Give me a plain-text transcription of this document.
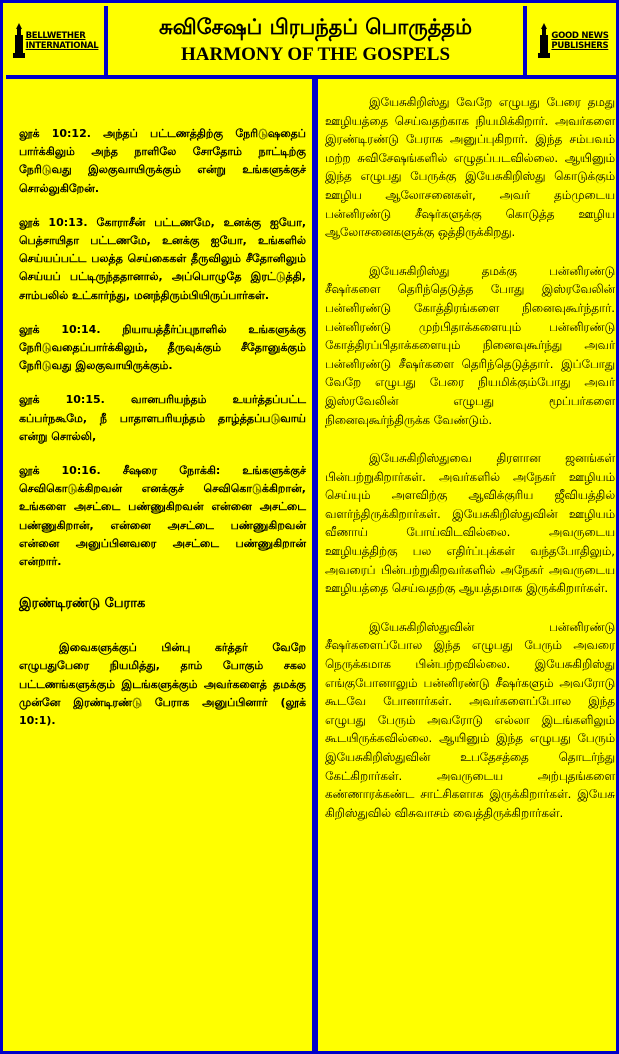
BELLWETHER
INTERNATIONAL
சுவிசேஷப் பிரபந்தப் பொருத்தம்
HARMONY OF THE GOSPELS
GOOD NEWS
PUBLISHERS

லூக் 10:12. அந்தப் பட்டணத்திற்கு நேரிடுஷதைப் பார்க்கிலும் அந்த நாளிலே சோதோம் நாட்டிற்கு நேரிடுவது இலகுவாயிருக்கும் என்று உங்களுக்குச் சொல்லுகிறேன்.

லூக் 10:13. கோராசீன் பட்டணமே, உனக்கு ஐயோ, பெத்சாயிதா பட்டணமே, உனக்கு ஐயோ, உங்களில் செய்யப்பட்ட பலத்த செய்கைகள் தீருவிலும் சீதோனிலும் செய்யப் பட்டிருந்ததானால், அப்பொழுதே இரட்டுத்தி, சாம்பலில் உட்கார்ந்து, மனந்திரும்பியிருப்பார்கள்.

லூக் 10:14. நியாயத்தீர்ப்புநாளில் உங்களுக்கு நேரிடுவதைப்பார்க்கிலும், தீருவுக்கும் சீதோனுக்கும் நேரிடுவது இலகுவாயிருக்கும்.

லூக் 10:15. வானபரியந்தம் உயர்த்தப்பட்ட கப்பர்நகூமே, நீ பாதாளபரியந்தம் தாழ்த்தப்படுவாய் என்று சொல்லி,

லூக் 10:16. சீஷரை நோக்கி: உங்களுக்குச் செவிகொடுக்கிறவன் எனக்குச் செவிகொடுக்கிறான், உங்களை அசட்டை பண்ணுகிறவன் என்னை அசட்டை பண்ணுகிறான், என்னை அசட்டை பண்ணுகிறவன் என்னை அனுப்பினவரை அசட்டை பண்ணுகிறான் என்றார்.

இரண்டிரண்டு பேராக

இவைகளுக்குப் பின்பு கர்த்தர் வேறே எழுபதுபேரை நியமித்து, தாம் போகும் சகல பட்டணங்களுக்கும் இடங்களுக்கும் அவர்களைத் தமக்கு முன்னே இரண்டிரண்டு பேராக அனுப்பினார் (லூக் 10:1).

இயேசுகிறிஸ்து வேறே எழுபது பேரை தமது ஊழியத்தை செய்வதற்காக நியமிக்கிறார். அவர்களை இரண்டிரண்டு பேராக அனுப்புகிறார். இந்த சம்பவம் மற்ற சுவிசேஷங்களில் எழுதப்படவில்லை. ஆயினும் இந்த எழுபது பேருக்கு இயேசுகிறிஸ்து கொடுக்கும் ஊழிய ஆலோசனைகள், அவர் தம்முடைய பன்னிரண்டு சீஷர்களுக்கு கொடுத்த ஊழிய ஆலோசனைகளுக்கு ஒத்திருக்கிறது.

இயேசுகிறிஸ்து தமக்கு பன்னிரண்டு சீஷர்களை தெரிந்தெடுத்த போது இஸ்ரவேலின் பன்னிரண்டு கோத்திரங்களை நினைவுகூர்ந்தார். பன்னிரண்டு முற்பிதாக்களையும் பன்னிரண்டு கோத்திரப்பிதாக்களையும் நினைவுகூர்ந்து அவர் பன்னிரண்டு சீஷர்களை தெரிந்தெடுத்தார். இப்போது வேறே எழுபது பேரை நியமிக்கும்போது அவர் இஸ்ரவேலின் எழுபது மூப்பர்களை நினைவுகூர்ந்திருக்க வேண்டும்.

இயேசுகிறிஸ்துவை திரளான ஜனங்கள் பின்பற்றுகிறார்கள். அவர்களில் அநேகர் ஊழியம் செய்யும் அளவிற்கு ஆவிக்குரிய ஜீவியத்தில் வளர்ந்திருக்கிறார்கள். இயேசுகிறிஸ்துவின் ஊழியம் வீணாய் போய்விடவில்லை. அவருடைய ஊழியத்திற்கு பல எதிர்ப்புக்கள் வந்தபோதிலும், அவரைப் பின்பற்றுகிறவர்களில் அநேகர் அவருடைய ஊழியத்தை செய்வதற்கு ஆயத்தமாக இருக்கிறார்கள்.

இயேசுகிறிஸ்துவின் பன்னிரண்டு சீஷர்களைப்போல இந்த எழுபது பேரும் அவரை நெருக்கமாக பின்பற்றவில்லை. இயேசுகிறிஸ்து எங்குபோனாலும் பன்னிரண்டு சீஷர்களும் அவரோடு கூடவே போனார்கள். அவர்களைப்போல இந்த எழுபது பேரும் அவரோடு எல்லா இடங்களிலும் கூடயிருக்கவில்லை. ஆயினும் இந்த எழுபது பேரும் இயேசுகிறிஸ்துவின் உபதேசத்தை தொடர்ந்து கேட்கிறார்கள். அவருடைய அற்புதங்களை கண்ணாரக்கண்ட சாட்சிகளாக இருக்கிறார்கள். இயேசு கிறிஸ்துவில் விசுவாசம் வைத்திருக்கிறார்கள்.
